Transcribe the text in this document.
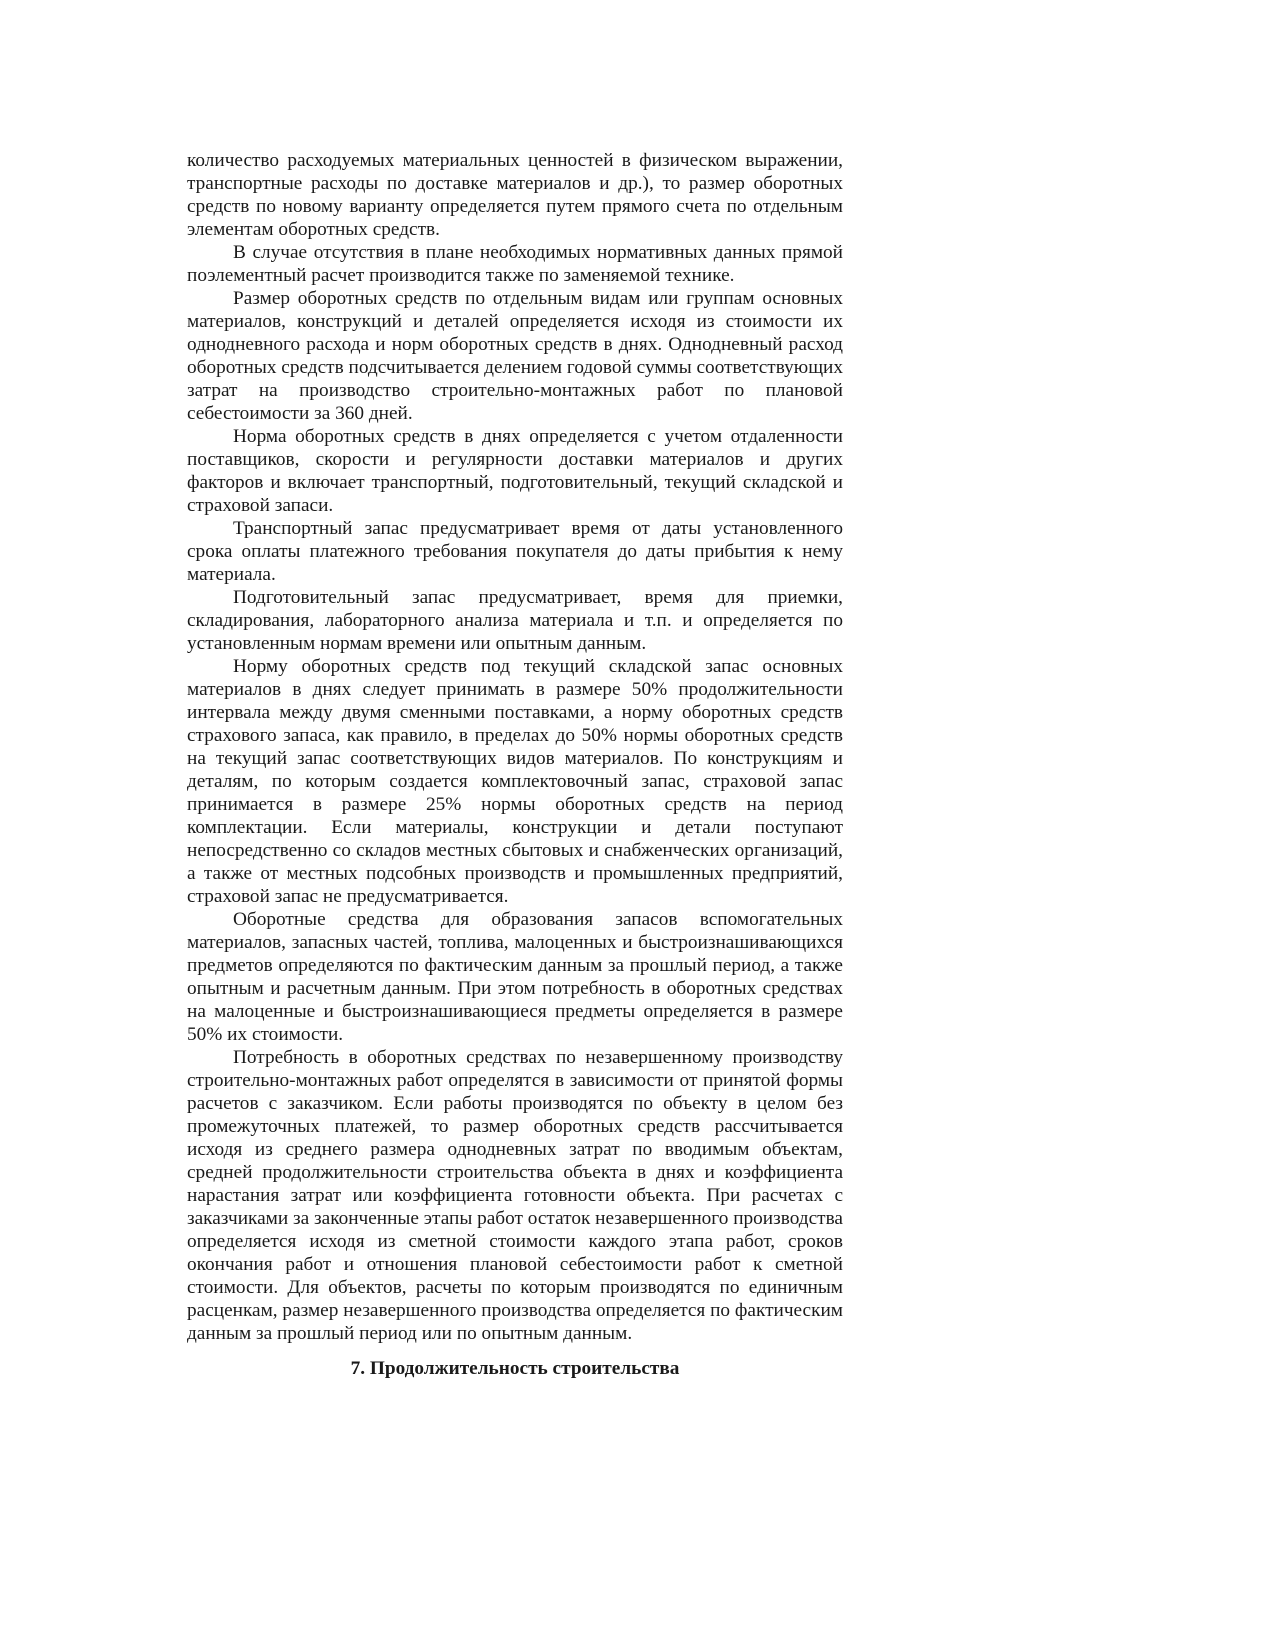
количество расходуемых материальных ценностей в физическом выражении, транспортные расходы по доставке материалов и др.), то размер оборотных средств по новому варианту определяется путем прямого счета по отдельным элементам оборотных средств.

В случае отсутствия в плане необходимых нормативных данных прямой поэлементный расчет производится также по заменяемой технике.

Размер оборотных средств по отдельным видам или группам основных материалов, конструкций и деталей определяется исходя из стоимости их однодневного расхода и норм оборотных средств в днях. Однодневный расход оборотных средств подсчитывается делением годовой суммы соответствующих затрат на производство строительно-монтажных работ по плановой себестоимости за 360 дней.

Норма оборотных средств в днях определяется с учетом отдаленности поставщиков, скорости и регулярности доставки материалов и других факторов и включает транспортный, подготовительный, текущий складской и страховой запаси.

Транспортный запас предусматривает время от даты установленного срока оплаты платежного требования покупателя до даты прибытия к нему материала.

Подготовительный запас предусматривает, время для приемки, складирования, лабораторного анализа материала и т.п. и определяется по установленным нормам времени или опытным данным.

Норму оборотных средств под текущий складской запас основных материалов в днях следует принимать в размере 50% продолжительности интервала между двумя сменными поставками, а норму оборотных средств страхового запаса, как правило, в пределах до 50% нормы оборотных средств на текущий запас соответствующих видов материалов. По конструкциям и деталям, по которым создается комплектовочный запас, страховой запас принимается в размере 25% нормы оборотных средств на период комплектации. Если материалы, конструкции и детали поступают непосредственно со складов местных сбытовых и снабженческих организаций, а также от местных подсобных производств и промышленных предприятий, страховой запас не предусматривается.

Оборотные средства для образования запасов вспомогательных материалов, запасных частей, топлива, малоценных и быстроизнашивающихся предметов определяются по фактическим данным за прошлый период, а также опытным и расчетным данным. При этом потребность в оборотных средствах на малоценные и быстроизнашивающиеся предметы определяется в размере 50% их стоимости.

Потребность в оборотных средствах по незавершенному производству строительно-монтажных работ определятся в зависимости от принятой формы расчетов с заказчиком. Если работы производятся по объекту в целом без промежуточных платежей, то размер оборотных средств рассчитывается исходя из среднего размера однодневных затрат по вводимым объектам, средней продолжительности строительства объекта в днях и коэффициента нарастания затрат или коэффициента готовности объекта. При расчетах с заказчиками за законченные этапы работ остаток незавершенного производства определяется исходя из сметной стоимости каждого этапа работ, сроков окончания работ и отношения плановой себестоимости работ к сметной стоимости. Для объектов, расчеты по которым производятся по единичным расценкам, размер незавершенного производства определяется по фактическим данным за прошлый период или по опытным данным.

7. Продолжительность строительства
